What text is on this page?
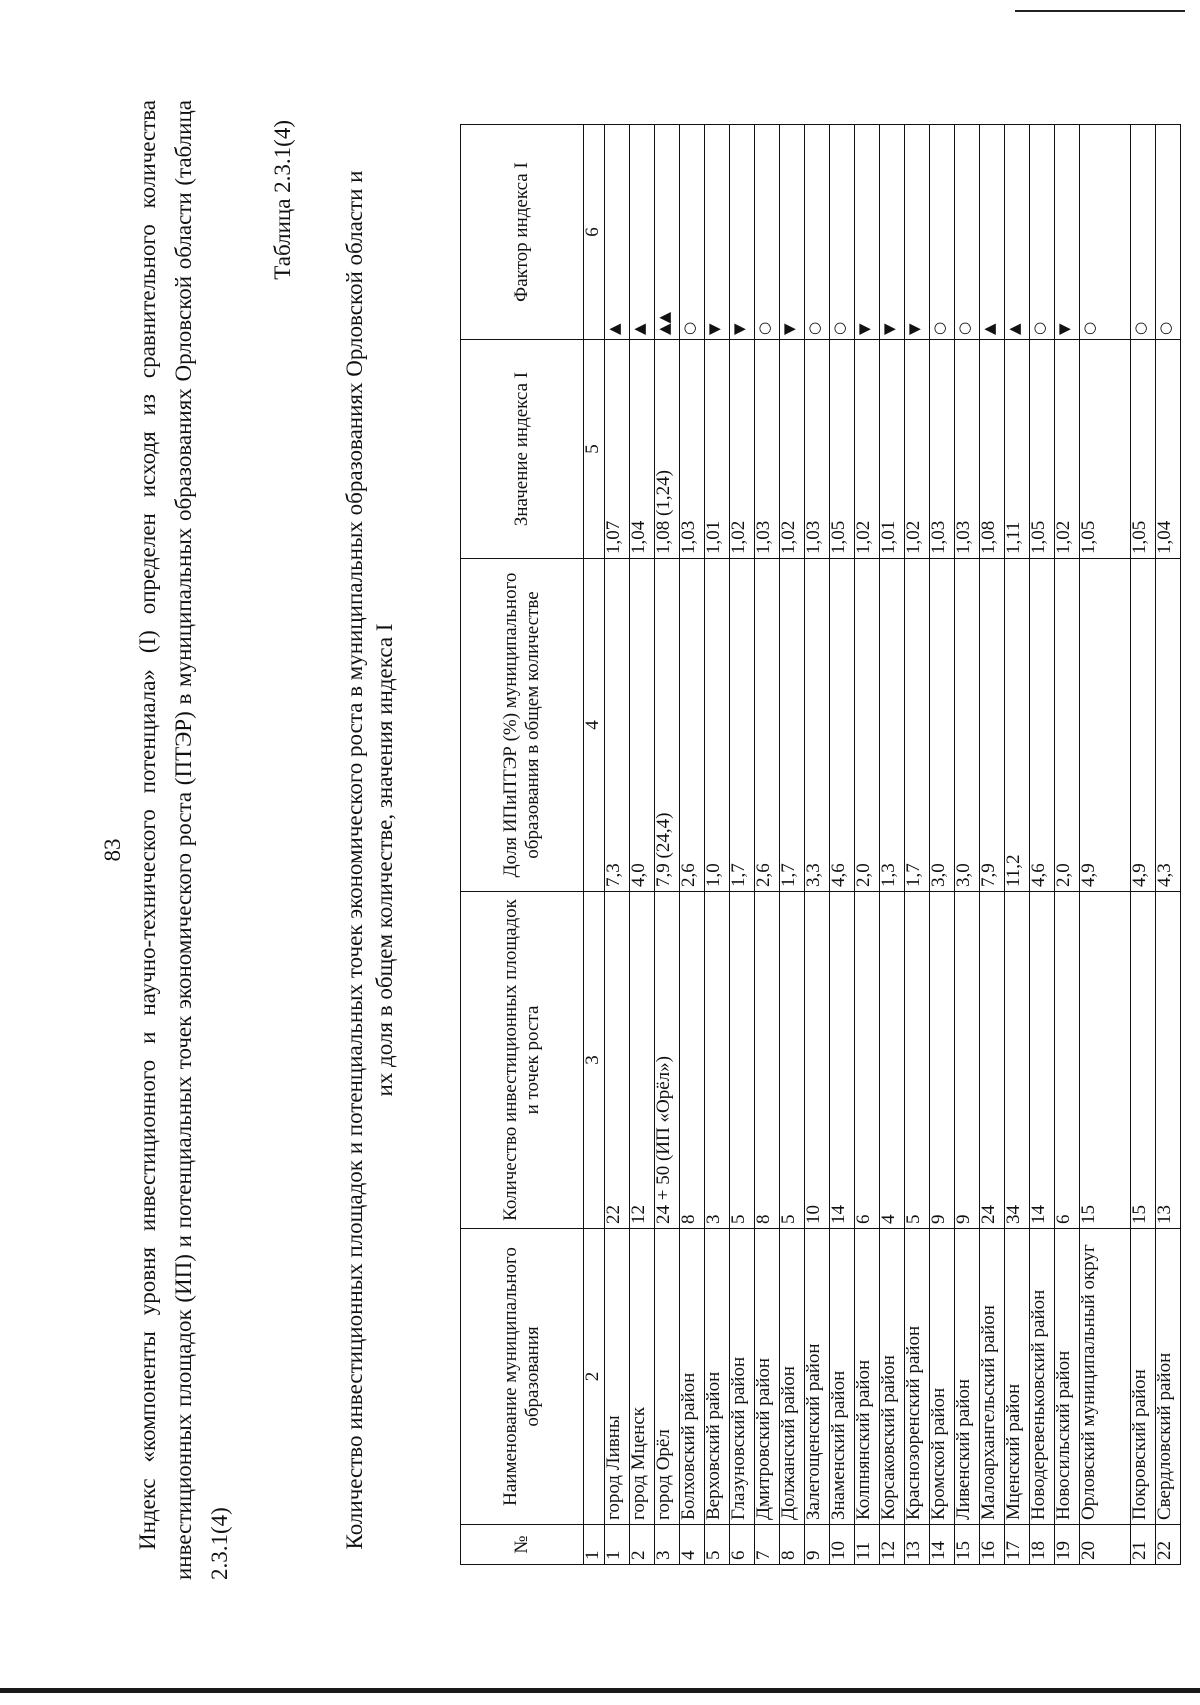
83 Индекс «компоненты уровня инвестиционного и научно-технического потенциала» (I) определен исходя из сравнительного количества инвестиционных площадок (ИП) и потенциальных точек экономического роста (ПТЭР) в муниципальных образованиях Орловской области (таблица 2.3.1(4)

Таблица 2.3.1(4) Количество инвестиционных площадок и потенциальных точек экономического роста в муниципальных образованиях Орловской области и их доля в общем количестве, значения индекса I

№	Наименование муниципального образования	Количество инвестиционных площадок и точек роста	Доля ИПиПТЭР (%) муниципального образования в общем количестве	Значение индекса I	Фактор индекса I
1	2	3	4	5	6
1	город Ливны	22	7,3	1,07	▲
2	город Мценск	12	4,0	1,04	▲
3	город Орёл	24 + 50 (ИП «Орёл»)	7,9 (24,4)	1,08 (1,24)	▲▲
4	Болховский район	8	2,6	1,03	○
5	Верховский район	3	1,0	1,01	▼
6	Глазуновский район	5	1,7	1,02	▼
7	Дмитровский район	8	2,6	1,03	○
8	Должанский район	5	1,7	1,02	▼
9	Залегощенский район	10	3,3	1,03	○
10	Знаменский район	14	4,6	1,05	○
11	Колпнянский район	6	2,0	1,02	▼
12	Корсаковский район	4	1,3	1,01	▼
13	Краснозоренский район	5	1,7	1,02	▼
14	Кромской район	9	3,0	1,03	○
15	Ливенский район	9	3,0	1,03	○
16	Малоархангельский район	24	7,9	1,08	▲
17	Мценский район	34	11,2	1,11	▲
18	Новодеревеньковский район	14	4,6	1,05	○
19	Новосильский район	6	2,0	1,02	▼
20	Орловский муниципальный округ	15	4,9	1,05	○
21	Покровский район	15	4,9	1,05	○
22	Свердловский район	13	4,3	1,04	○
